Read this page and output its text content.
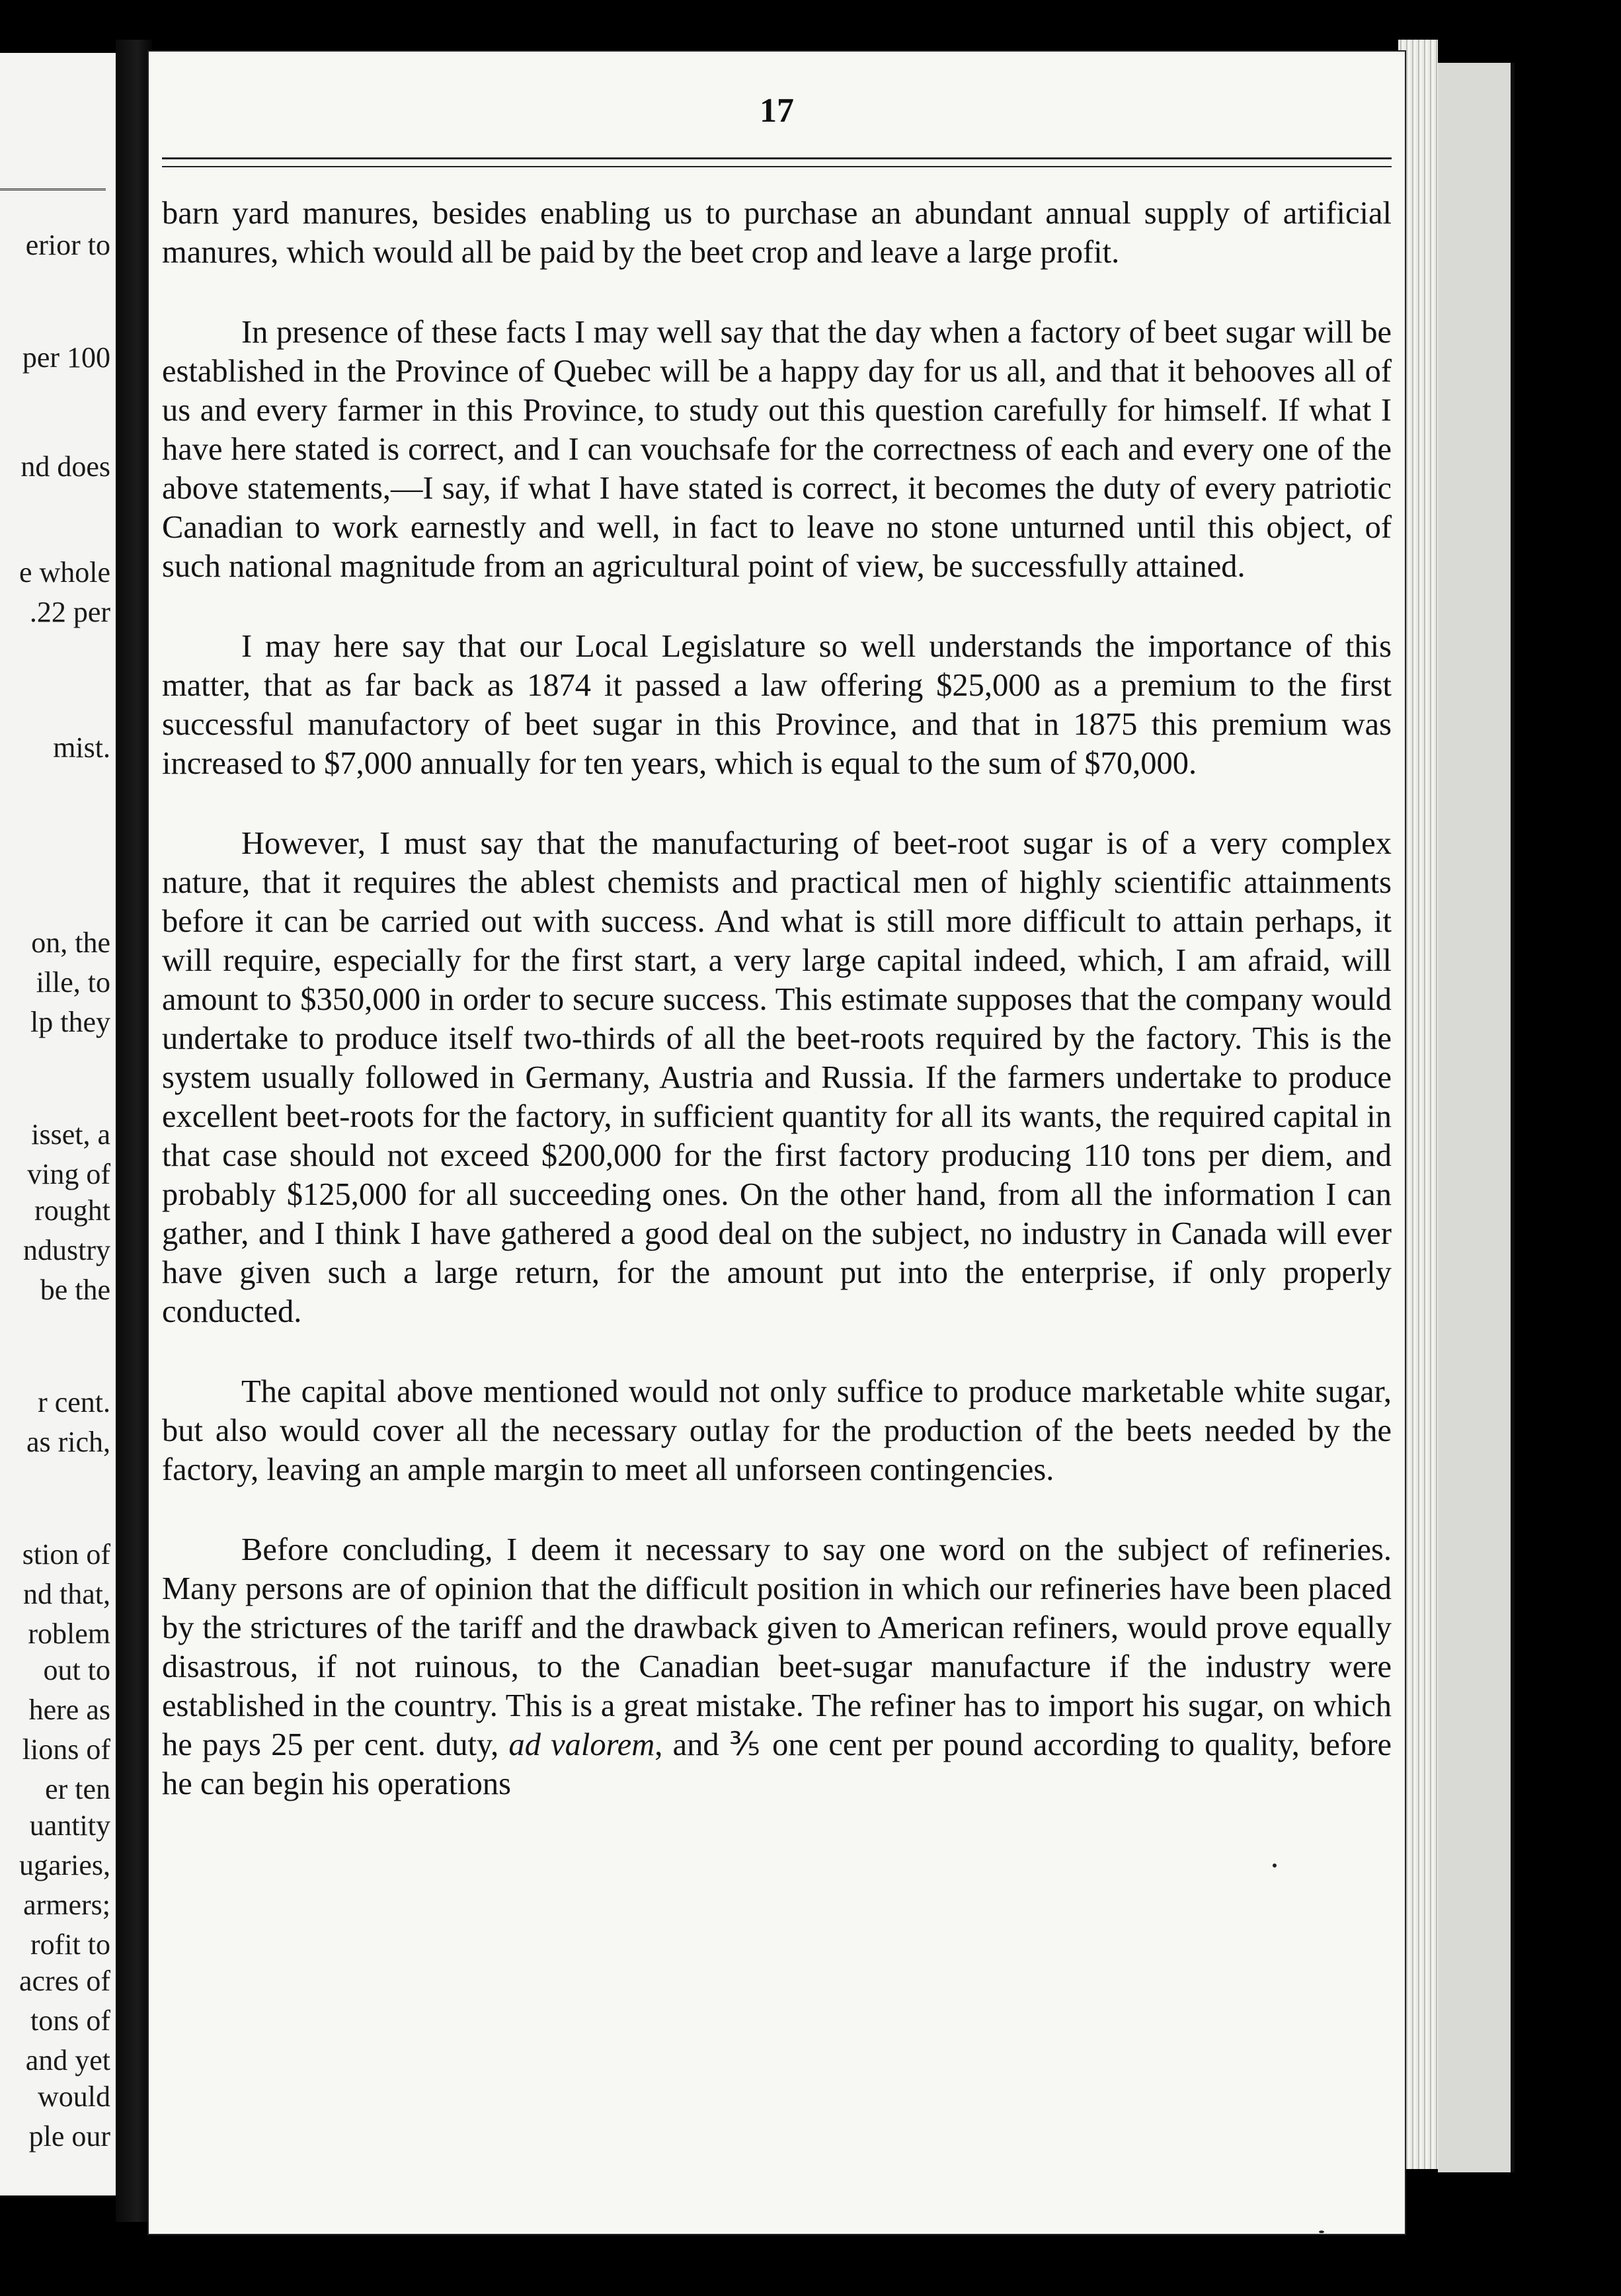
erior to
per 100
nd does
e whole
.22 per
mist.
on, the
ille, to
lp they
isset, a
ving of
rought
ndustry
be the
r cent.
as rich,
stion of
nd that,
roblem
out to
here as
lions of
er ten
uantity
ugaries,
armers;
rofit to
acres of
tons of
and yet
would
ple our
17

barn yard manures, besides enabling us to purchase an abundant annual supply of artificial manures, which would all be paid by the beet crop and leave a large profit.

In presence of these facts I may well say that the day when a factory of beet sugar will be established in the Province of Quebec will be a happy day for us all, and that it behooves all of us and every farmer in this Province, to study out this question carefully for himself. If what I have here stated is correct, and I can vouchsafe for the correctness of each and every one of the above statements,—I say, if what I have stated is correct, it becomes the duty of every patriotic Canadian to work earnestly and well, in fact to leave no stone unturned until this object, of such national magnitude from an agricultural point of view, be successfully attained.

I may here say that our Local Legislature so well understands the importance of this matter, that as far back as 1874 it passed a law offering $25,000 as a premium to the first successful manufactory of beet sugar in this Province, and that in 1875 this premium was increased to $7,000 annually for ten years, which is equal to the sum of $70,000.

However, I must say that the manufacturing of beet-root sugar is of a very complex nature, that it requires the ablest chemists and practical men of highly scientific attainments before it can be carried out with success. And what is still more difficult to attain perhaps, it will require, especially for the first start, a very large capital indeed, which, I am afraid, will amount to $350,000 in order to secure success. This estimate supposes that the company would undertake to produce itself two-thirds of all the beet-roots required by the factory. This is the system usually followed in Germany, Austria and Russia. If the farmers undertake to produce excellent beet-roots for the factory, in sufficient quantity for all its wants, the required capital in that case should not exceed $200,000 for the first factory producing 110 tons per diem, and probably $125,000 for all succeeding ones. On the other hand, from all the information I can gather, and I think I have gathered a good deal on the subject, no industry in Canada will ever have given such a large return, for the amount put into the enterprise, if only properly conducted.

The capital above mentioned would not only suffice to produce marketable white sugar, but also would cover all the necessary outlay for the production of the beets needed by the factory, leaving an ample margin to meet all unforseen contingencies.

Before concluding, I deem it necessary to say one word on the subject of refineries. Many persons are of opinion that the difficult position in which our refineries have been placed by the strictures of the tariff and the drawback given to American refiners, would prove equally disastrous, if not ruinous, to the Canadian beet-sugar manufacture if the industry were established in the country. This is a great mistake. The refiner has to import his sugar, on which he pays 25 per cent. duty, ad valorem, and ⅗ one cent per pound according to quality, before he can begin his operations
